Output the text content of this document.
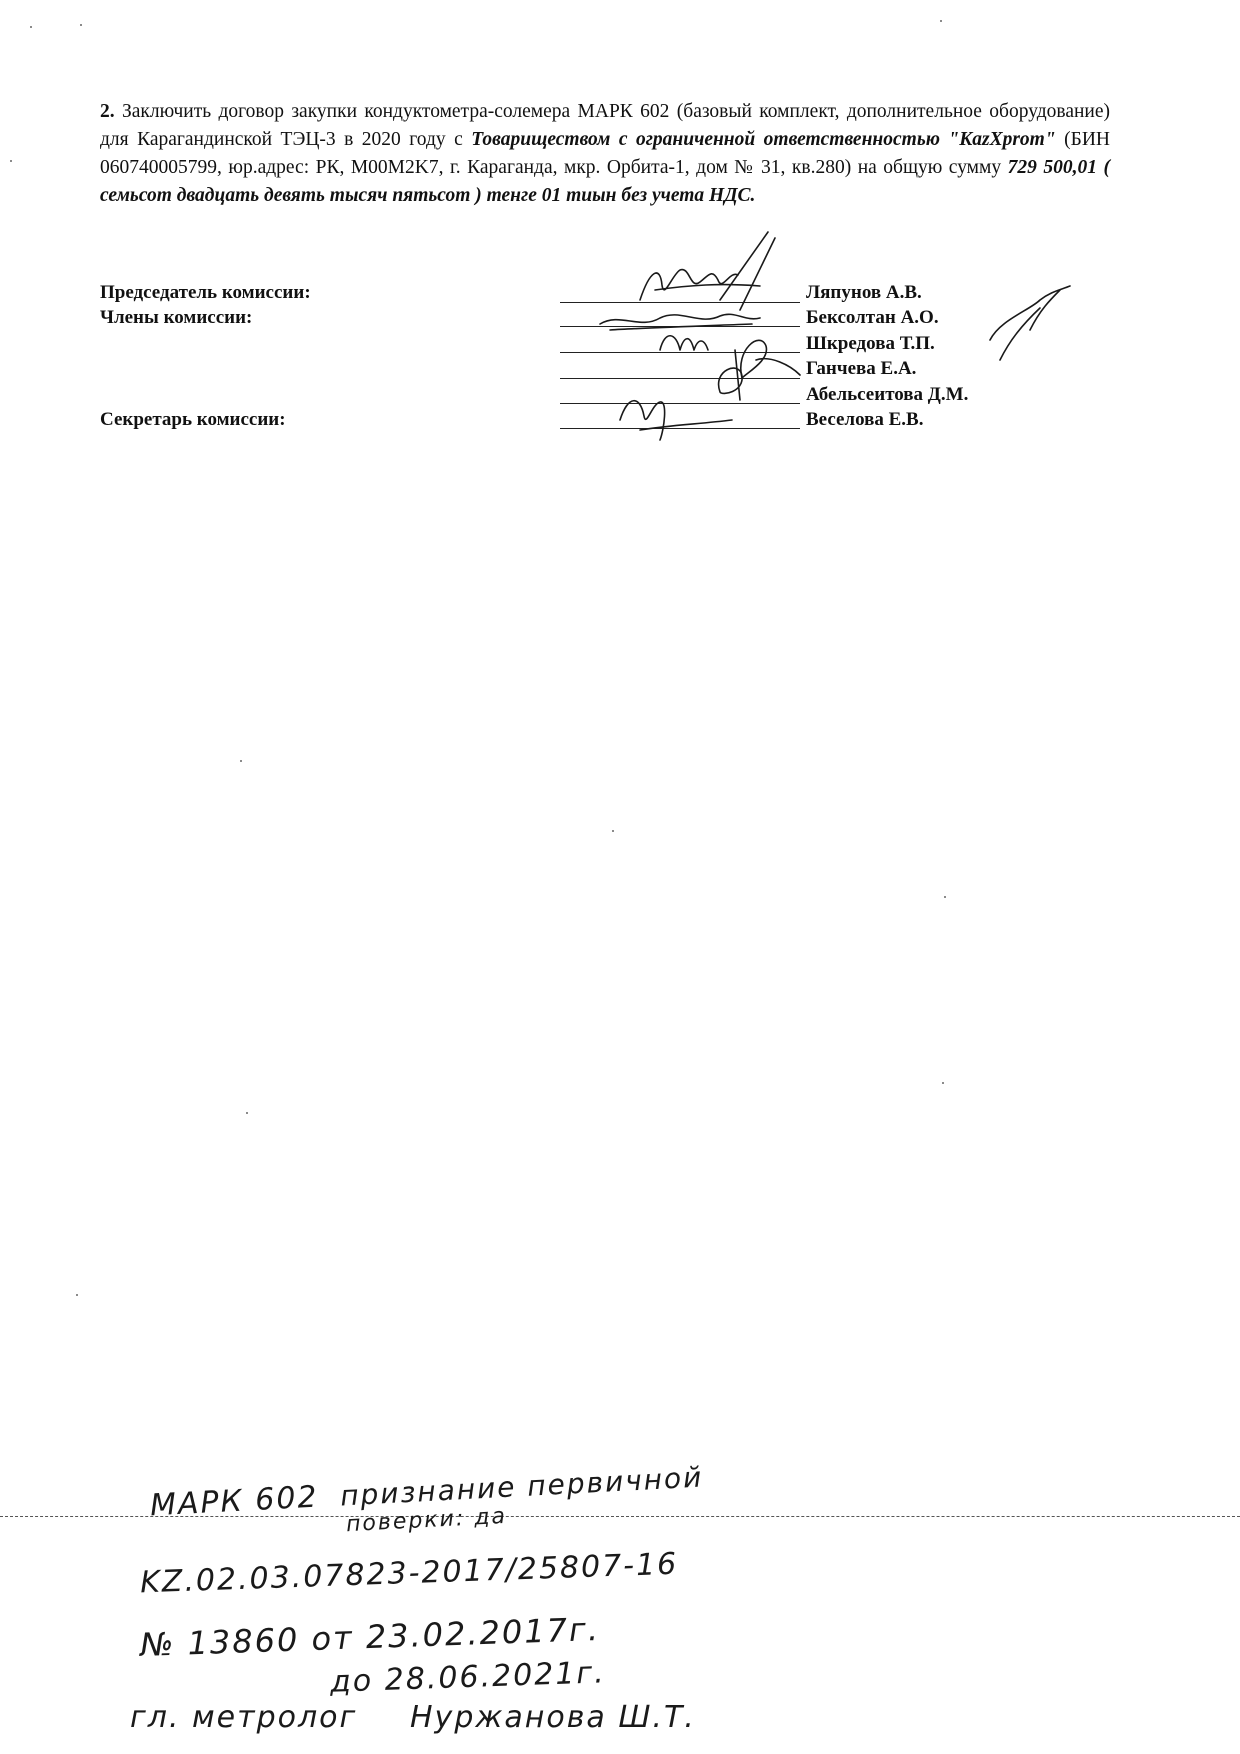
2. Заключить договор закупки кондуктометра-солемера МАРК 602 (базовый комплект, дополнительное оборудование) для Карагандинской ТЭЦ-3 в 2020 году с Товариществом с ограниченной ответственностью "KazXprom" (БИН 060740005799, юр.адрес: РК, M00M2K7, г. Караганда, мкр. Орбита-1, дом № 31, кв.280) на общую сумму 729 500,01 ( семьсот двадцать девять тысяч пятьсот ) тенге 01 тиын без учета НДС.
Председатель комиссии:
Члены комиссии:
Секретарь комиссии:
Ляпунов А.В.
Бексолтан А.О.
Шкредова Т.П.
Ганчева Е.А.
Абельсеитова Д.М.
Веселова Е.В.
МАРК 602 признание первичной
поверки: да
KZ.02.03.07823-2017/25807-16
№ 13860 от 23.02.2017г.
до 28.06.2021г.
гл. метролог Нуржанова Ш.Т.
